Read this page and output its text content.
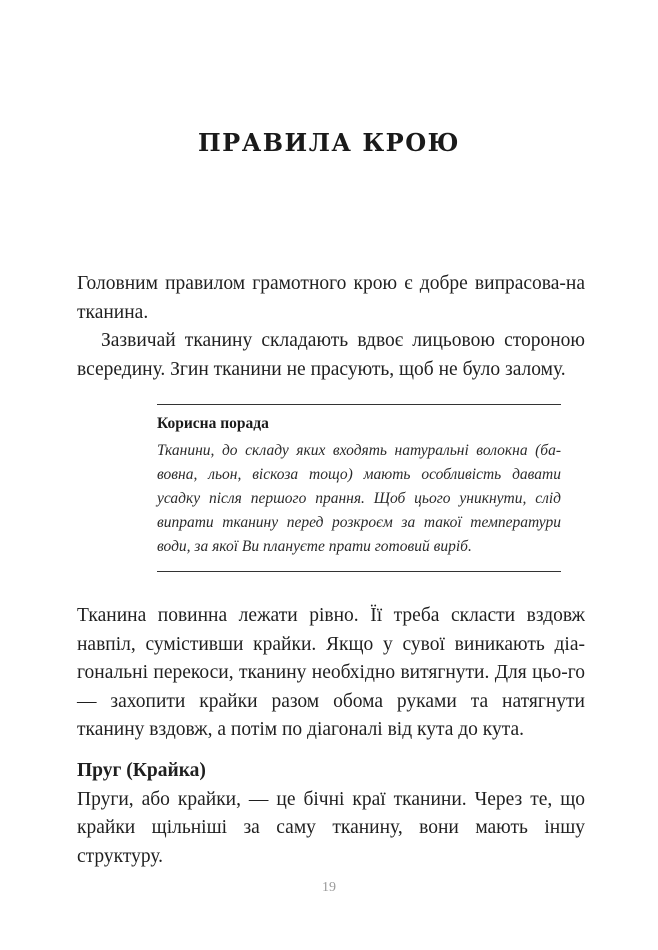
ПРАВИЛА КРОЮ

Головним правилом грамотного крою є добре випрасова-на тканина.

Зазвичай тканину складають вдвоє лицьовою стороною всередину. Згин тканини не прасують, щоб не було залому.

Корисна порада

Тканини, до складу яких входять натуральні волокна (ба-вовна, льон, віскоза тощо) мають особливість давати усадку після першого прання. Щоб цього уникнути, слід випрати тканину перед розкроєм за такої температури води, за якої Ви плануєте прати готовий виріб.

Тканина повинна лежати рівно. Її треба скласти вздовж навпіл, сумістивши крайки. Якщо у сувої виникають діа-гональні перекоси, тканину необхідно витягнути. Для цьо-го — захопити крайки разом обома руками та натягнути тканину вздовж, а потім по діагоналі від кута до кута.

Пруг (Крайка)

Пруги, або крайки, — це бічні краї тканини. Через те, що крайки щільніші за саму тканину, вони мають іншу структуру.

19
